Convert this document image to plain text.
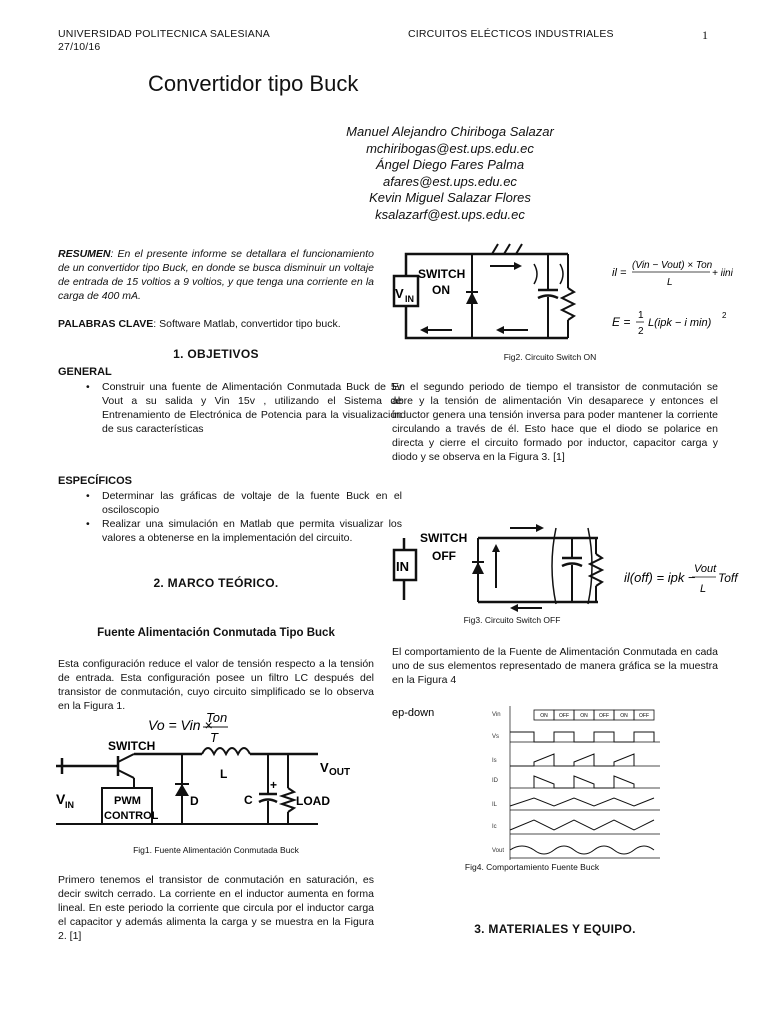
UNIVERSIDAD POLITECNICA SALESIANA
27/10/16
CIRCUITOS ELÉCTICOS INDUSTRIALES	1
Convertidor tipo Buck
Manuel Alejandro Chiriboga Salazar
mchiribogas@est.ups.edu.ec
Ángel Diego Fares Palma
afares@est.ups.edu.ec
Kevin Miguel Salazar Flores
ksalazarf@est.ups.edu.ec
RESUMEN: En el presente informe se detallara el funcionamiento de un convertidor tipo Buck, en donde se busca disminuir un voltaje de entrada de 15 voltios a 9 voltios, y que tenga una corriente en la carga de 400 mA.
PALABRAS CLAVE: Software Matlab, convertidor tipo buck.
1. OBJETIVOS
GENERAL
• Construir una fuente de Alimentación Conmutada Buck de 5v Vout a su salida y Vin 15v , utilizando el Sistema de Entrenamiento de Electrónica de Potencia para la visualización de sus características
ESPECÍFICOS
• Determinar las gráficas de voltaje de la fuente Buck en el osciloscopio
• Realizar una simulación en Matlab que permita visualizar los valores a obtenerse en la implementación del circuito.
2. MARCO TEÓRICO.
Fuente Alimentación Conmutada Tipo Buck
Esta configuración reduce el valor de tensión respecto a la tensión de entrada. Esta configuración posee un filtro LC después del transistor de conmutación, cuyo circuito simplificado se lo observa en la Figura 1.
Vo = Vin ×
Ton
T
V IN
SWITCH
PWM
CONTROL
D
L	V OUT
+
C	LOAD
Fig1. Fuente Alimentación Conmutada Buck
Primero tenemos el transistor de conmutación en saturación, es decir switch cerrado. La corriente en el inductor aumenta en forma lineal. En este periodo la corriente que circula por el inductor carga el capacitor y además alimenta la carga y se muestra en la Figura 2. [1]
V IN
SWITCH
ON
il =
(Vin − Vout) × Ton
L
+ iini
E = 1
2
L(ipk − i min)
2
Fig2. Circuito Switch ON
En el segundo periodo de tiempo el transistor de conmutación se abre y la tensión de alimentación Vin desaparece y entonces el inductor genera una tensión inversa para poder mantener la corriente circulando a través de él. Esto hace que el diodo se polarice en directa y cierre el circuito formado por inductor, capacitor carga y diodo y se observa en la Figura 3. [1]
IN
SWITCH
OFF
il(off) = ipk −
Vout
L
Toff
Fig3. Circuito Switch OFF
El comportamiento de la Fuente de Alimentación Conmutada en cada uno de sus elementos representado de manera gráfica se la muestra en la Figura 4
ep-down	Vin
Vs
Is
ID
IL
Ic
Vout
ON OFF ON OFF ON OFF
Fig4. Comportamiento Fuente Buck
3. MATERIALES Y EQUIPO.
